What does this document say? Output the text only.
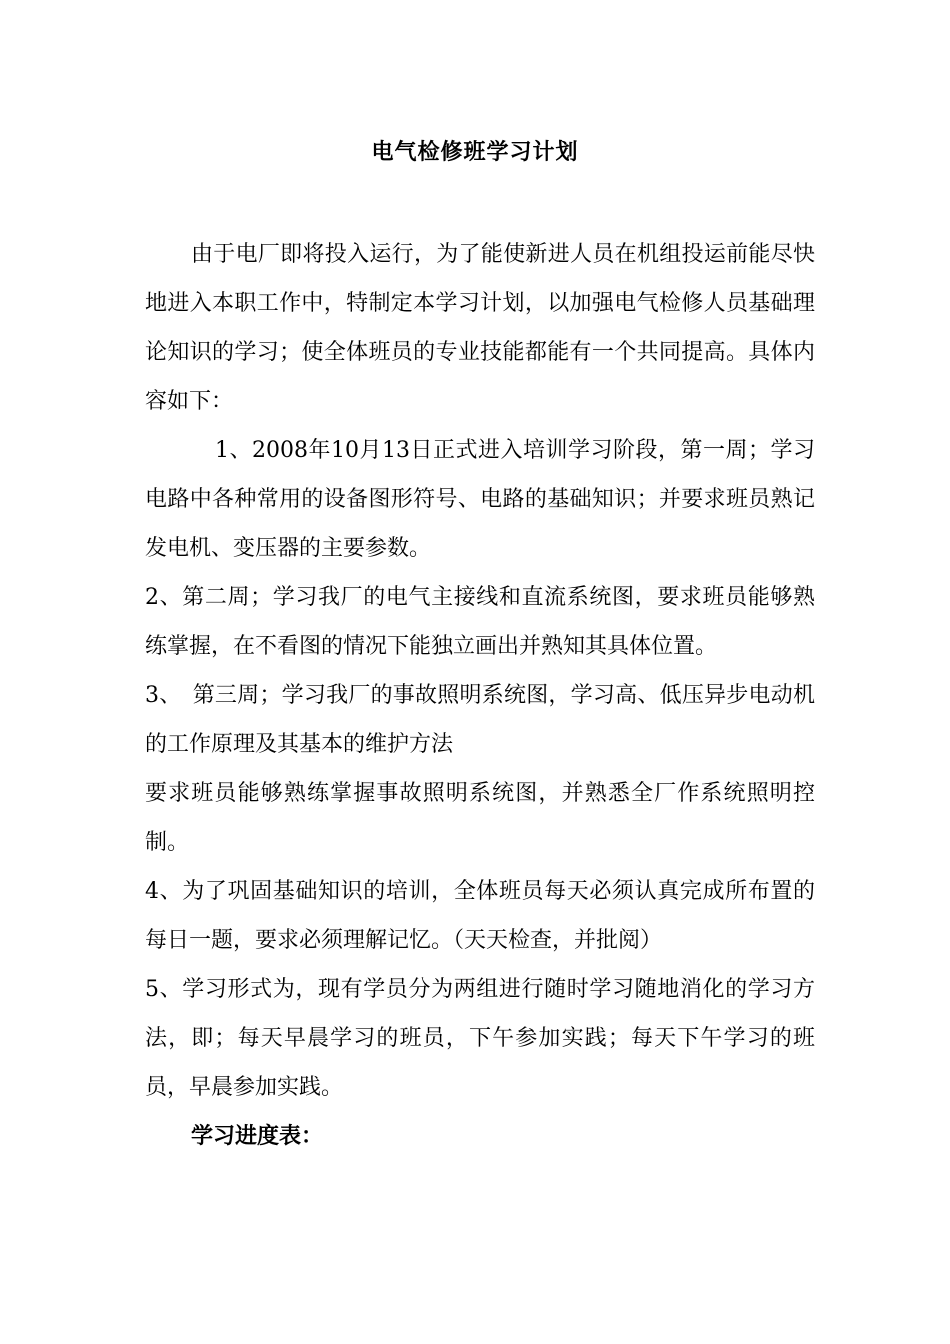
电气检修班学习计划

由于电厂即将投入运行，为了能使新进人员在机组投运前能尽快地进入本职工作中，特制定本学习计划，以加强电气检修人员基础理论知识的学习；使全体班员的专业技能都能有一个共同提高。具体内容如下：

1、2008年10月13日正式进入培训学习阶段，第一周；学习电路中各种常用的设备图形符号、电路的基础知识；并要求班员熟记发电机、变压器的主要参数。

2、第二周；学习我厂的电气主接线和直流系统图，要求班员能够熟练掌握，在不看图的情况下能独立画出并熟知其具体位置。

3、　第三周；学习我厂的事故照明系统图，学习高、低压异步电动机的工作原理及其基本的维护方法

要求班员能够熟练掌握事故照明系统图，并熟悉全厂作系统照明控制。

4、为了巩固基础知识的培训，全体班员每天必须认真完成所布置的每日一题，要求必须理解记忆。（天天检查，并批阅）

5、学习形式为，现有学员分为两组进行随时学习随地消化的学习方法，即；每天早晨学习的班员，下午参加实践；每天下午学习的班员，早晨参加实践。

学习进度表：
